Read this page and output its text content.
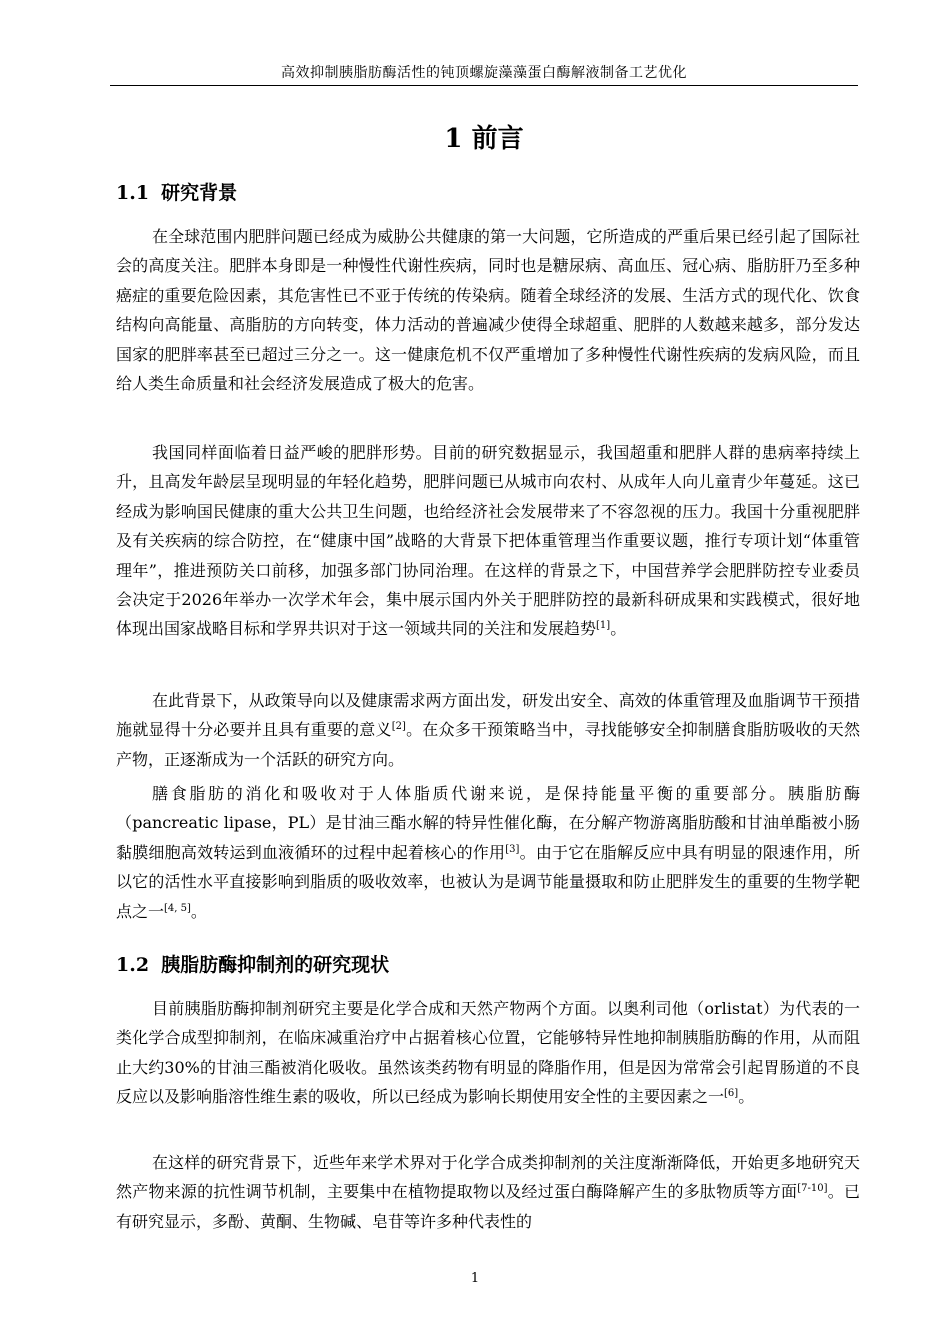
高效抑制胰脂肪酶活性的钝顶螺旋藻藻蛋白酶解液制备工艺优化
1 前言
1.1 研究背景
在全球范围内肥胖问题已经成为威胁公共健康的第一大问题，它所造成的严重后果已经引起了国际社会的高度关注。肥胖本身即是一种慢性代谢性疾病，同时也是糖尿病、高血压、冠心病、脂肪肝乃至多种癌症的重要危险因素，其危害性已不亚于传统的传染病。随着全球经济的发展、生活方式的现代化、饮食结构向高能量、高脂肪的方向转变，体力活动的普遍减少使得全球超重、肥胖的人数越来越多，部分发达国家的肥胖率甚至已超过三分之一。这一健康危机不仅严重增加了多种慢性代谢性疾病的发病风险，而且给人类生命质量和社会经济发展造成了极大的危害。
我国同样面临着日益严峻的肥胖形势。目前的研究数据显示，我国超重和肥胖人群的患病率持续上升，且高发年龄层呈现明显的年轻化趋势，肥胖问题已从城市向农村、从成年人向儿童青少年蔓延。这已经成为影响国民健康的重大公共卫生问题，也给经济社会发展带来了不容忽视的压力。我国十分重视肥胖及有关疾病的综合防控，在“健康中国”战略的大背景下把体重管理当作重要议题，推行专项计划“体重管理年”，推进预防关口前移，加强多部门协同治理。在这样的背景之下，中国营养学会肥胖防控专业委员会决定于2026年举办一次学术年会，集中展示国内外关于肥胖防控的最新科研成果和实践模式，很好地体现出国家战略目标和学界共识对于这一领域共同的关注和发展趋势[1]。
在此背景下，从政策导向以及健康需求两方面出发，研发出安全、高效的体重管理及血脂调节干预措施就显得十分必要并且具有重要的意义[2]。在众多干预策略当中，寻找能够安全抑制膳食脂肪吸收的天然产物，正逐渐成为一个活跃的研究方向。
膳食脂肪的消化和吸收对于人体脂质代谢来说，是保持能量平衡的重要部分。胰脂肪酶（pancreatic lipase，PL）是甘油三酯水解的特异性催化酶，在分解产物游离脂肪酸和甘油单酯被小肠黏膜细胞高效转运到血液循环的过程中起着核心的作用[3]。由于它在脂解反应中具有明显的限速作用，所以它的活性水平直接影响到脂质的吸收效率，也被认为是调节能量摄取和防止肥胖发生的重要的生物学靶点之一[4, 5]。
1.2 胰脂肪酶抑制剂的研究现状
目前胰脂肪酶抑制剂研究主要是化学合成和天然产物两个方面。以奥利司他（orlistat）为代表的一类化学合成型抑制剂，在临床减重治疗中占据着核心位置，它能够特异性地抑制胰脂肪酶的作用，从而阻止大约30%的甘油三酯被消化吸收。虽然该类药物有明显的降脂作用，但是因为常常会引起胃肠道的不良反应以及影响脂溶性维生素的吸收，所以已经成为影响长期使用安全性的主要因素之一[6]。
在这样的研究背景下，近些年来学术界对于化学合成类抑制剂的关注度渐渐降低，开始更多地研究天然产物来源的抗性调节机制，主要集中在植物提取物以及经过蛋白酶降解产生的多肽物质等方面[7-10]。已有研究显示，多酚、黄酮、生物碱、皂苷等许多种代表性的
1
